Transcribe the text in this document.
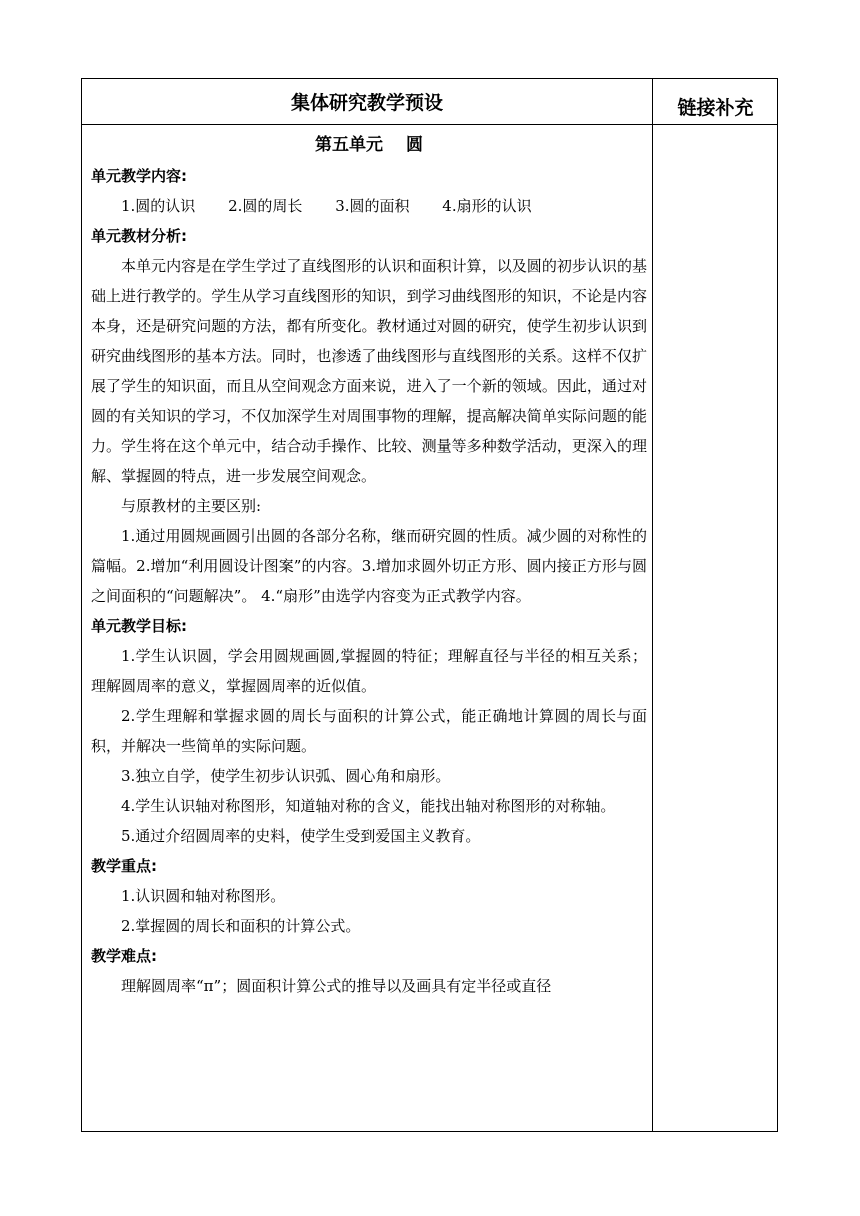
集体研究教学预设	链接补充

第五单元　 圆

单元教学内容:

1.圆的认识 2.圆的周长 3.圆的面积 4.扇形的认识

单元教材分析:

本单元内容是在学生学过了直线图形的认识和面积计算，以及圆的初步认识的基础上进行教学的。学生从学习直线图形的知识，到学习曲线图形的知识，不论是内容本身，还是研究问题的方法，都有所变化。教材通过对圆的研究，使学生初步认识到研究曲线图形的基本方法。同时，也渗透了曲线图形与直线图形的关系。这样不仅扩展了学生的知识面，而且从空间观念方面来说，进入了一个新的领域。因此，通过对圆的有关知识的学习，不仅加深学生对周围事物的理解，提高解决简单实际问题的能力。学生将在这个单元中，结合动手操作、比较、测量等多种数学活动，更深入的理解、掌握圆的特点，进一步发展空间观念。

与原教材的主要区别:

1.通过用圆规画圆引出圆的各部分名称，继而研究圆的性质。减少圆的对称性的篇幅。2.增加“利用圆设计图案”的内容。3.增加求圆外切正方形、圆内接正方形与圆之间面积的“问题解决”。 4.“扇形”由选学内容变为正式教学内容。

单元教学目标:

1.学生认识圆，学会用圆规画圆,掌握圆的特征；理解直径与半径的相互关系；理解圆周率的意义，掌握圆周率的近似值。

2.学生理解和掌握求圆的周长与面积的计算公式，能正确地计算圆的周长与面积，并解决一些简单的实际问题。

3.独立自学，使学生初步认识弧、圆心角和扇形。

4.学生认识轴对称图形，知道轴对称的含义，能找出轴对称图形的对称轴。

5.通过介绍圆周率的史料，使学生受到爱国主义教育。

教学重点:

1.认识圆和轴对称图形。

2.掌握圆的周长和面积的计算公式。

教学难点:

理解圆周率“π”；圆面积计算公式的推导以及画具有定半径或直径
